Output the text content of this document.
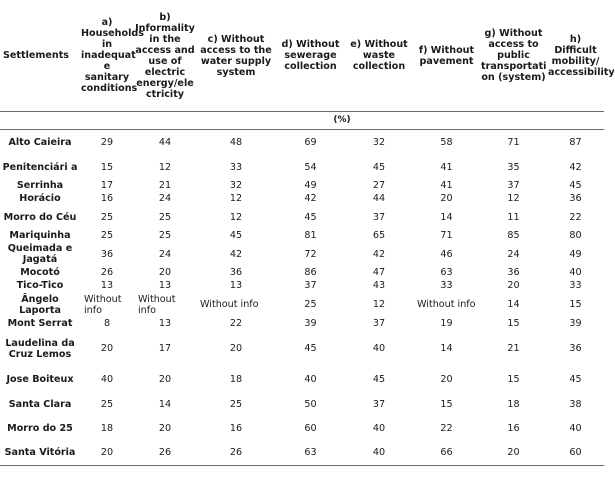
Settlements	a) Households in inadequat e sanitary conditions	b) Informality in the access and use of electric energy/ele ctricity	c) Without access to the water supply system	d) Without sewerage collection	e) Without waste collection	f) Without pavement	g) Without access to public transportati on (system)	h) Difficult mobility/ accessibility
	(%)							
Alto Caieira	29	44	48	69	32	58	71	87
Penitenciári a	15	12	33	54	45	41	35	42
Serrinha	17	21	32	49	27	41	37	45
Horácio	16	24	12	42	44	20	12	36
Morro do Céu	25	25	12	45	37	14	11	22
Mariquinha	25	25	45	81	65	71	85	80
Queimada e Jagatá	36	24	42	72	42	46	24	49
Mocotó	26	20	36	86	47	63	36	40
Tico-Tico	13	13	13	37	43	33	20	33
Ângelo Laporta	Without info	Without info	Without info	25	12	Without info	14	15
Mont Serrat	8	13	22	39	37	19	15	39
Laudelina da Cruz Lemos	20	17	20	45	40	14	21	36
Jose Boiteux	40	20	18	40	45	20	15	45
Santa Clara	25	14	25	50	37	15	18	38
Morro do 25	18	20	16	60	40	22	16	40
Santa Vitória	20	26	26	63	40	66	20	60
